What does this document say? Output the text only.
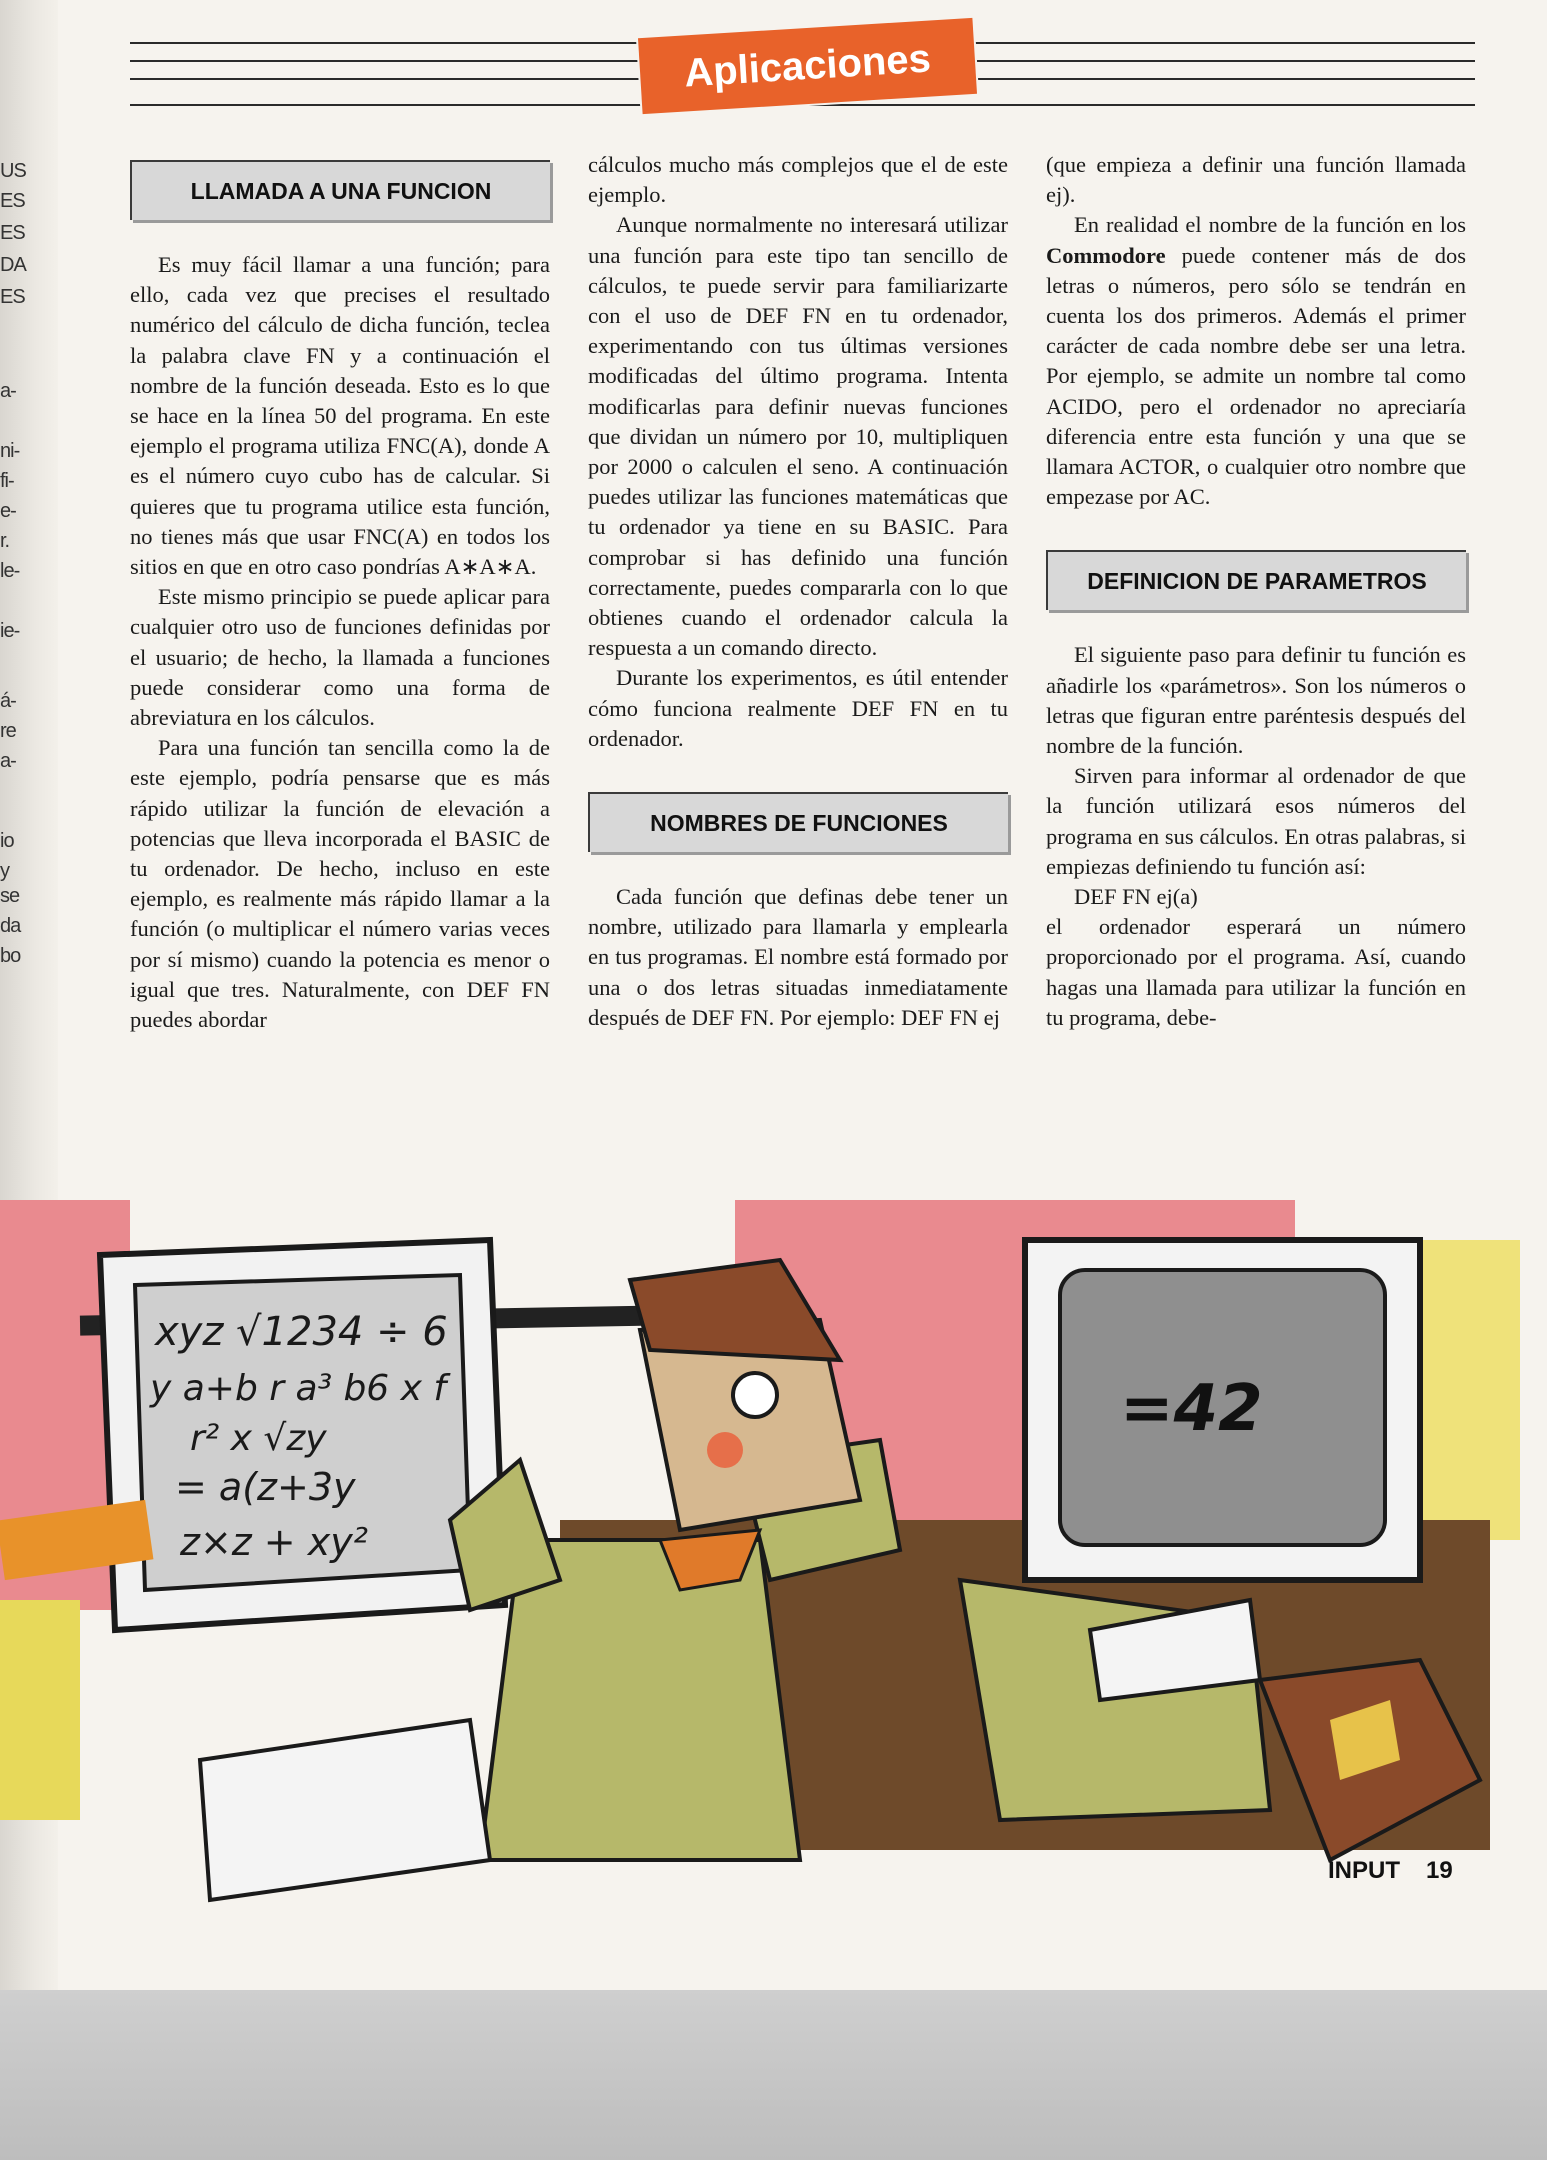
US
ES
ES
DA
ES
a-
ni-
fi-
e-
r.
le-
ie-
á-
re
a-
io
y
se
da
bo
Aplicaciones
LLAMADA A UNA FUNCION

Es muy fácil llamar a una función; para ello, cada vez que precises el resultado numérico del cálculo de dicha función, teclea la palabra clave FN y a continuación el nombre de la función deseada. Esto es lo que se hace en la línea 50 del programa. En este ejemplo el programa utiliza FNC(A), donde A es el número cuyo cubo has de calcular. Si quieres que tu programa utilice esta función, no tienes más que usar FNC(A) en todos los sitios en que en otro caso pondrías A∗A∗A.

Este mismo principio se puede aplicar para cualquier otro uso de funciones definidas por el usuario; de hecho, la llamada a funciones puede considerar como una forma de abreviatura en los cálculos.

Para una función tan sencilla como la de este ejemplo, podría pensarse que es más rápido utilizar la función de elevación a potencias que lleva incorporada el BASIC de tu ordenador. De hecho, incluso en este ejemplo, es realmente más rápido llamar a la función (o multiplicar el número varias veces por sí mismo) cuando la potencia es menor o igual que tres. Naturalmente, con DEF FN puedes abordar

cálculos mucho más complejos que el de este ejemplo.

Aunque normalmente no interesará utilizar una función para este tipo tan sencillo de cálculos, te puede servir para familiarizarte con el uso de DEF FN en tu ordenador, experimentando con tus últimas versiones modificadas del último programa. Intenta modificarlas para definir nuevas funciones que dividan un número por 10, multipliquen por 2000 o calculen el seno. A continuación puedes utilizar las funciones matemáticas que tu ordenador ya tiene en su BASIC. Para comprobar si has definido una función correctamente, puedes compararla con lo que obtienes cuando el ordenador calcula la respuesta a un comando directo.

Durante los experimentos, es útil entender cómo funciona realmente DEF FN en tu ordenador.

NOMBRES DE FUNCIONES

Cada función que definas debe tener un nombre, utilizado para llamarla y emplearla en tus programas. El nombre está formado por una o dos letras situadas inmediatamente después de DEF FN. Por ejemplo: DEF FN ej

(que empieza a definir una función llamada ej).

En realidad el nombre de la función en los Commodore puede contener más de dos letras o números, pero sólo se tendrán en cuenta los dos primeros. Además el primer carácter de cada nombre debe ser una letra. Por ejemplo, se admite un nombre tal como ACIDO, pero el ordenador no apreciaría diferencia entre esta función y una que se llamara ACTOR, o cualquier otro nombre que empezase por AC.

DEFINICION DE PARAMETROS

El siguiente paso para definir tu función es añadirle los «parámetros». Son los números o letras que figuran entre paréntesis después del nombre de la función.

Sirven para informar al ordenador de que la función utilizará esos números del programa en sus cálculos. En otras palabras, si empiezas definiendo tu función así:

DEF FN ej(a)

el ordenador esperará un número proporcionado por el programa. Así, cuando hagas una llamada para utilizar la función en tu programa, debe-

xyz √1234 ÷ 6
y a+b r a³ b6 x f
r² x √zy
= a(z+3y
z×z + xy²
=42
INPUT 19
